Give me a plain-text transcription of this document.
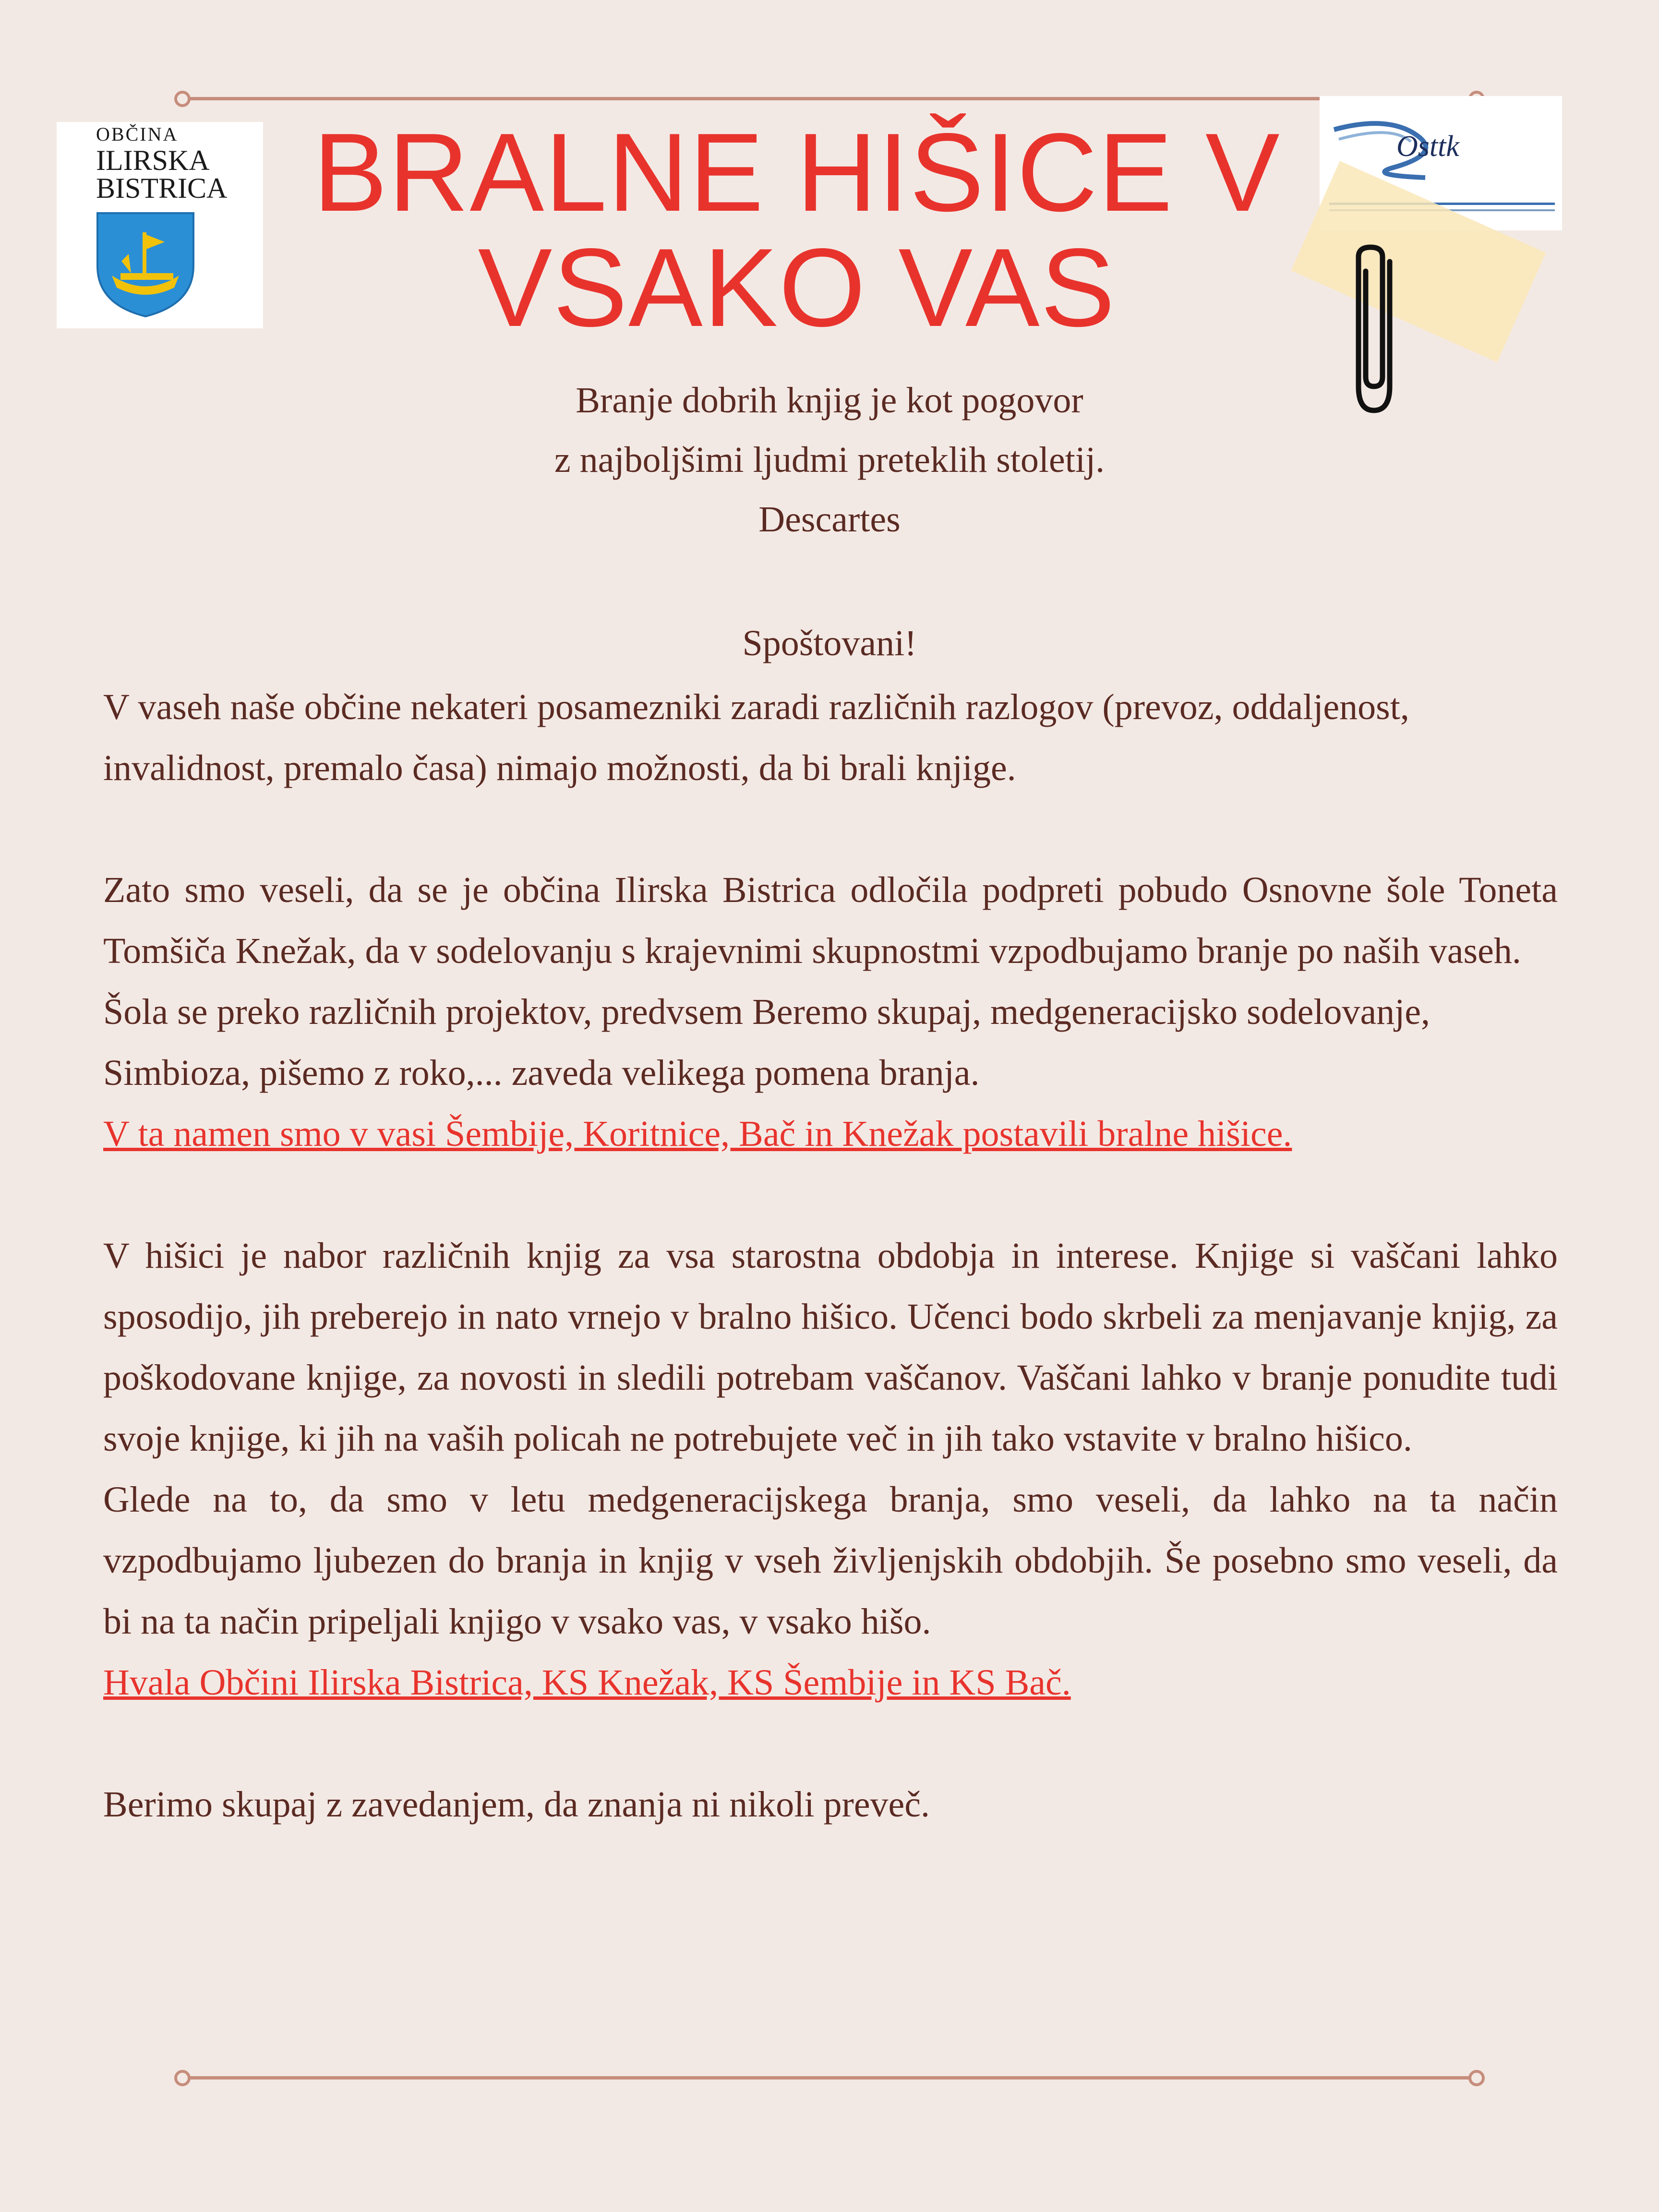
OBČINA
ILIRSKA
BISTRICA
Osttk
BRALNE HIŠICE V
VSAKO VAS
Branje dobrih knjig je kot pogovor
z najboljšimi ljudmi preteklih stoletij.
Descartes
Spoštovani!

V vaseh naše občine nekateri posamezniki zaradi različnih razlogov (prevoz, oddaljenost, invalidnost, premalo časa) nimajo možnosti, da bi brali knjige.

Zato smo veseli, da se je občina Ilirska Bistrica odločila podpreti pobudo Osnovne šole Toneta Tomšiča Knežak, da v sodelovanju s krajevnimi skupnostmi vzpodbujamo branje po naših vaseh.

Šola se preko različnih projektov, predvsem Beremo skupaj, medgeneracijsko sodelovanje, Simbioza, pišemo z roko,... zaveda velikega pomena branja.

V ta namen smo v vasi Šembije, Koritnice, Bač in Knežak postavili bralne hišice.

V hišici je nabor različnih knjig za vsa starostna obdobja in interese. Knjige si vaščani lahko sposodijo, jih preberejo in nato vrnejo v bralno hišico. Učenci bodo skrbeli za menjavanje knjig, za poškodovane knjige, za novosti in sledili potrebam vaščanov. Vaščani lahko v branje ponudite tudi svoje knjige, ki jih na vaših policah ne potrebujete več in jih tako vstavite v bralno hišico.

Glede na to, da smo v letu medgeneracijskega branja, smo veseli, da lahko na ta način vzpodbujamo ljubezen do branja in knjig v vseh življenjskih obdobjih. Še posebno smo veseli, da bi na ta način pripeljali knjigo v vsako vas, v vsako hišo.

Hvala Občini Ilirska Bistrica, KS Knežak, KS Šembije in KS Bač.

Berimo skupaj z zavedanjem, da znanja ni nikoli preveč.
